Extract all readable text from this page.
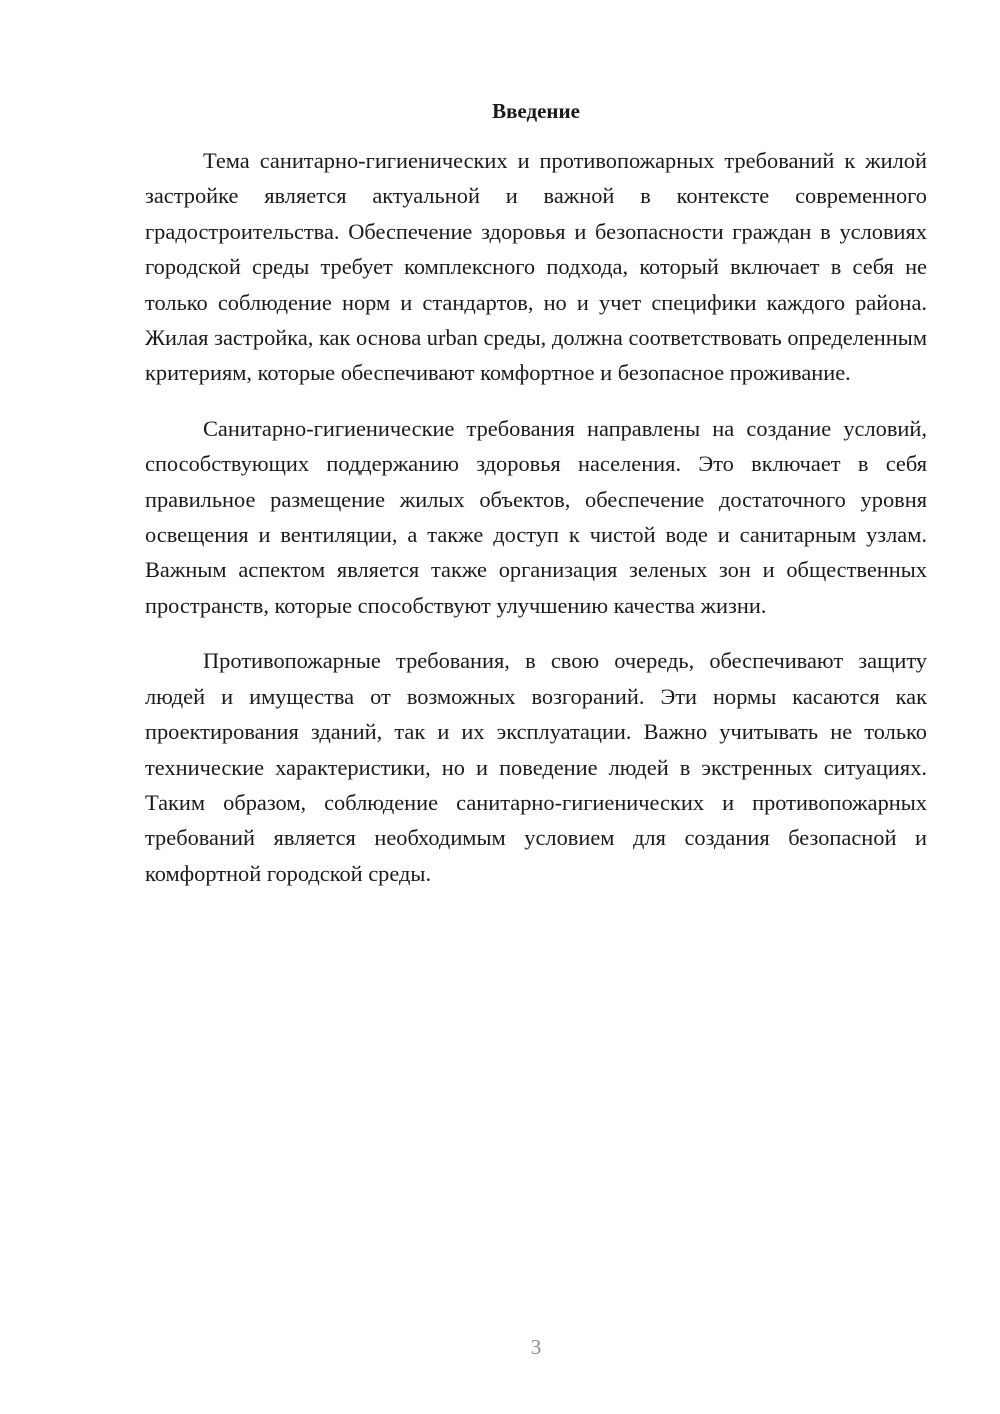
Введение

Тема санитарно-гигиенических и противопожарных требований к жилой застройке является актуальной и важной в контексте современного градостроительства. Обеспечение здоровья и безопасности граждан в условиях городской среды требует комплексного подхода, который включает в себя не только соблюдение норм и стандартов, но и учет специфики каждого района. Жилая застройка, как основа urban среды, должна соответствовать определенным критериям, которые обеспечивают комфортное и безопасное проживание.

Санитарно-гигиенические требования направлены на создание условий, способствующих поддержанию здоровья населения. Это включает в себя правильное размещение жилых объектов, обеспечение достаточного уровня освещения и вентиляции, а также доступ к чистой воде и санитарным узлам. Важным аспектом является также организация зеленых зон и общественных пространств, которые способствуют улучшению качества жизни.

Противопожарные требования, в свою очередь, обеспечивают защиту людей и имущества от возможных возгораний. Эти нормы касаются как проектирования зданий, так и их эксплуатации. Важно учитывать не только технические характеристики, но и поведение людей в экстренных ситуациях. Таким образом, соблюдение санитарно-гигиенических и противопожарных требований является необходимым условием для создания безопасной и комфортной городской среды.

3
